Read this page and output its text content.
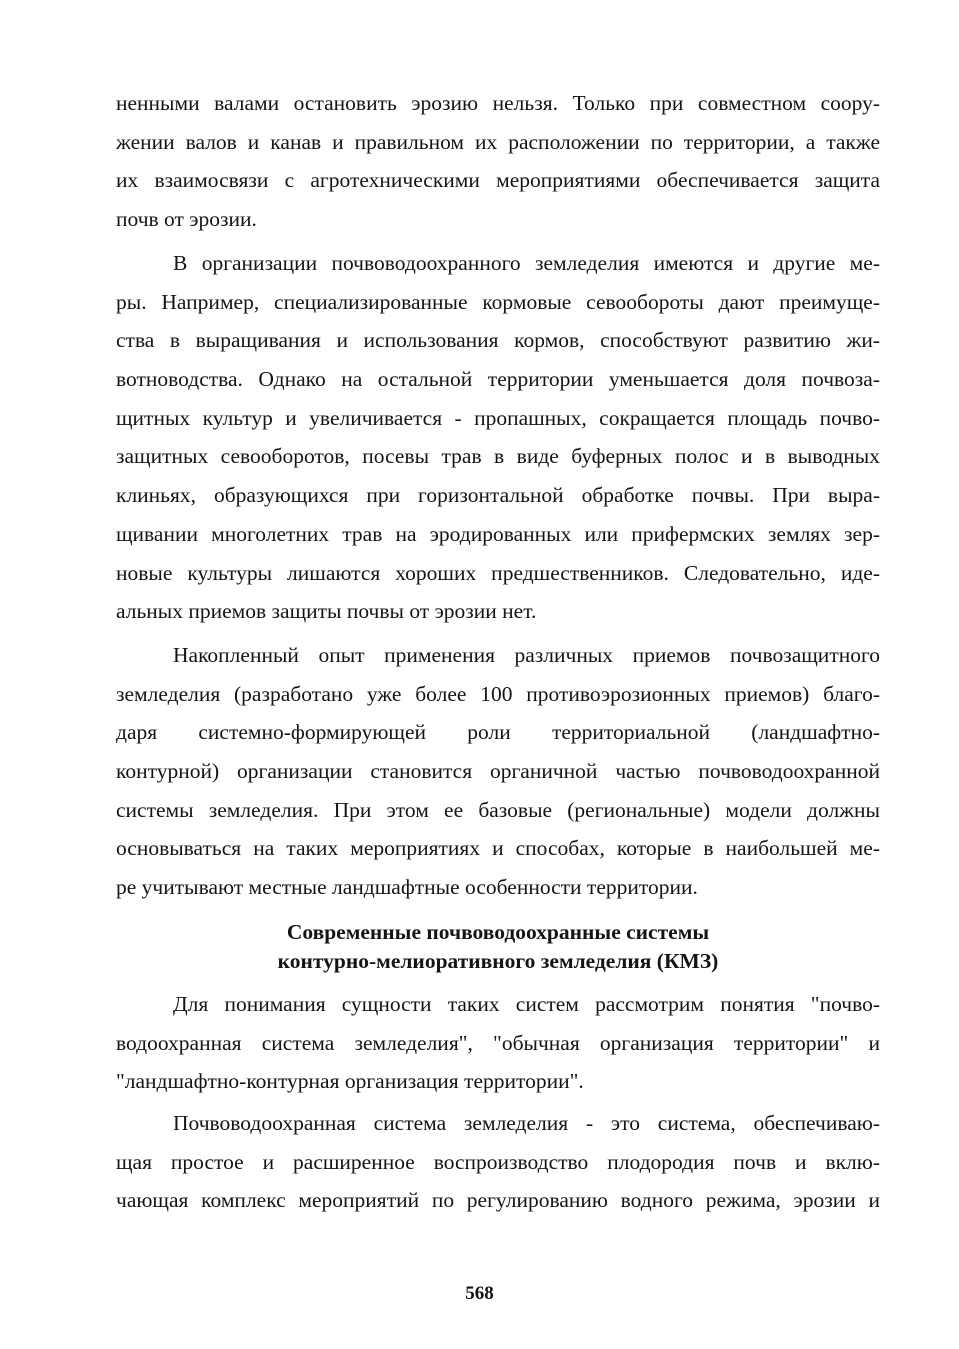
ненными валами остановить эрозию нельзя. Только при совместном соору-
жении валов и канав и правильном их расположении по территории, а также
их взаимосвязи с агротехническими мероприятиями обеспечивается защита
почв от эрозии.
В организации почвоводоохранного земледелия имеются и другие ме-
ры. Например, специализированные кормовые севообороты дают преимуще-
ства в выращивания и использования кормов, способствуют развитию жи-
вотноводства. Однако на остальной территории уменьшается доля почвоза-
щитных культур и увеличивается - пропашных, сокращается площадь почво-
защитных севооборотов, посевы трав в виде буферных полос и в выводных
клиньях, образующихся при горизонтальной обработке почвы. При выра-
щивании многолетних трав на эродированных или прифермских землях зер-
новые культуры лишаются хороших предшественников. Следовательно, иде-
альных приемов защиты почвы от эрозии нет.
Накопленный опыт применения различных приемов почвозащитного
земледелия (разработано уже более 100 противоэрозионных приемов) благо-
даря системно-формирующей роли территориальной (ландшафтно-
контурной) организации становится органичной частью почвоводоохранной
системы земледелия. При этом ее базовые (региональные) модели должны
основываться на таких мероприятиях и способах, которые в наибольшей ме-
ре учитывают местные ландшафтные особенности территории.
Современные почвоводоохранные системы
контурно-мелиоративного земледелия (КМЗ)
Для понимания сущности таких систем рассмотрим понятия "почво-
водоохранная система земледелия", "обычная организация территории" и
"ландшафтно-контурная организация территории".
Почвоводоохранная система земледелия - это система, обеспечиваю-
щая простое и расширенное воспроизводство плодородия почв и вклю-
чающая комплекс мероприятий по регулированию водного режима, эрозии и
568
